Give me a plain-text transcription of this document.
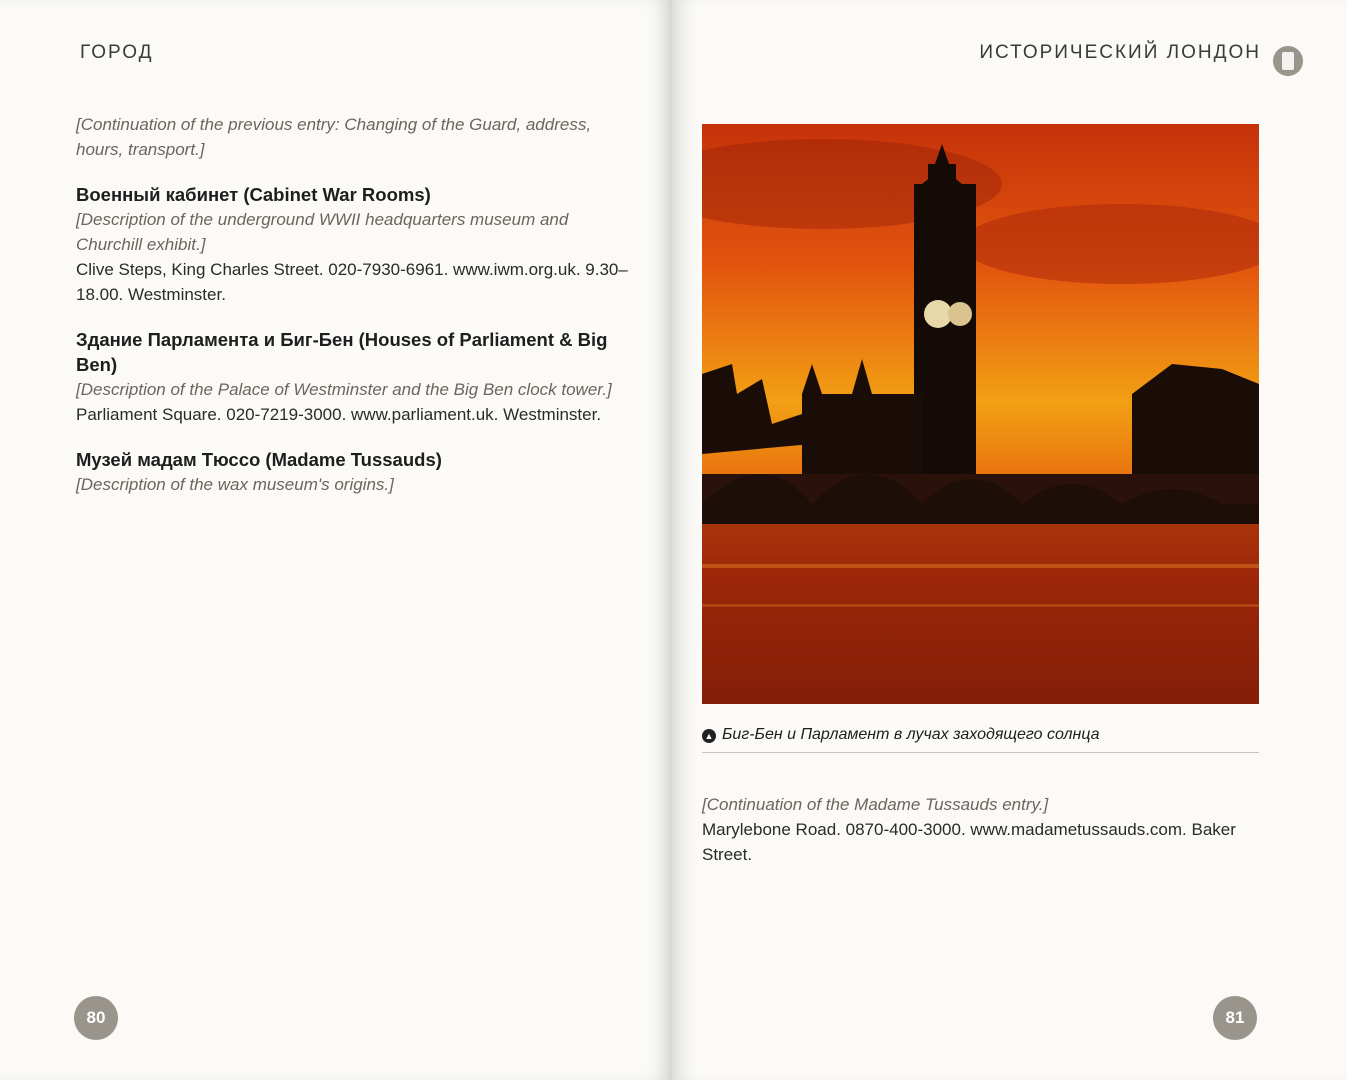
ГОРОД

[Continuation of the previous entry: Changing of the Guard, address, hours, transport.]

Военный кабинет (Cabinet War Rooms)

[Description of the underground WWII headquarters museum and Churchill exhibit.]

Clive Steps, King Charles Street. 020-7930-6961. www.iwm.org.uk. 9.30–18.00. Westminster.

Здание Парламента и Биг-Бен (Houses of Parliament & Big Ben)

[Description of the Palace of Westminster and the Big Ben clock tower.]

Parliament Square. 020-7219-3000. www.parliament.uk. Westminster.

Музей мадам Тюссо (Madame Tussauds)

[Description of the wax museum's origins.]

80
ИСТОРИЧЕСКИЙ ЛОНДОН
▲ Биг-Бен и Парламент в лучах заходящего солнца

[Continuation of the Madame Tussauds entry.]

Marylebone Road. 0870-400-3000. www.madametussauds.com. Baker Street.

81
